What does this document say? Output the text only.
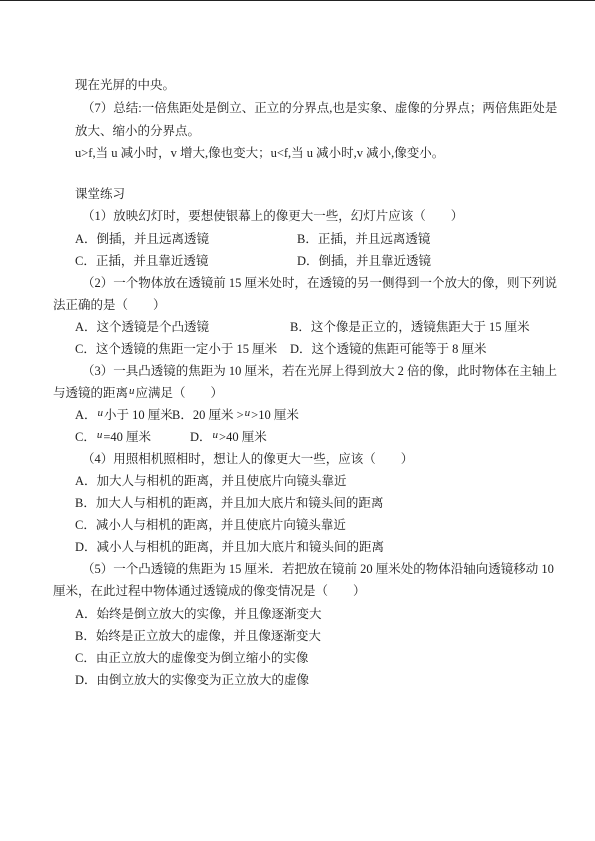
现在光屏的中央。
（7）总结:一倍焦距处是倒立、正立的分界点,也是实象、虚像的分界点；两倍焦距处是
放大、缩小的分界点。
u>f,当 u 减小时，v 增大,像也变大；u<f,当 u 减小时,v 减小,像变小。
课堂练习
（1）放映幻灯时，要想使银幕上的像更大一些，幻灯片应该（　　）
A．倒插，并且远离透镜	B．正插，并且远离透镜
C．正插，并且靠近透镜	D．倒插，并且靠近透镜
（2）一个物体放在透镜前 15 厘米处时，在透镜的另一侧得到一个放大的像，则下列说
法正确的是（　　）
A．这个透镜是个凸透镜	B．这个像是正立的，透镜焦距大于 15 厘米
C．这个透镜的焦距一定小于 15 厘米 D．这个透镜的焦距可能等于 8 厘米
（3）一具凸透镜的焦距为 10 厘米，若在光屏上得到放大 2 倍的像，此时物体在主轴上
与透镜的距离u应满足（　　）
A．u小于 10 厘米 B．20 厘米 >u>10 厘米
C．u=40 厘米	D．u>40 厘米
（4）用照相机照相时，想让人的像更大一些，应该（　　）
A．加大人与相机的距离，并且使底片向镜头靠近
B．加大人与相机的距离，并且加大底片和镜头间的距离
C．减小人与相机的距离，并且使底片向镜头靠近
D．减小人与相机的距离，并且加大底片和镜头间的距离
（5）一个凸透镜的焦距为 15 厘米．若把放在镜前 20 厘米处的物体沿轴向透镜移动 10
厘米，在此过程中物体通过透镜成的像变情况是（　　）
A．始终是倒立放大的实像，并且像逐渐变大
B．始终是正立放大的虚像，并且像逐渐变大
C．由正立放大的虚像变为倒立缩小的实像
D．由倒立放大的实像变为正立放大的虚像
